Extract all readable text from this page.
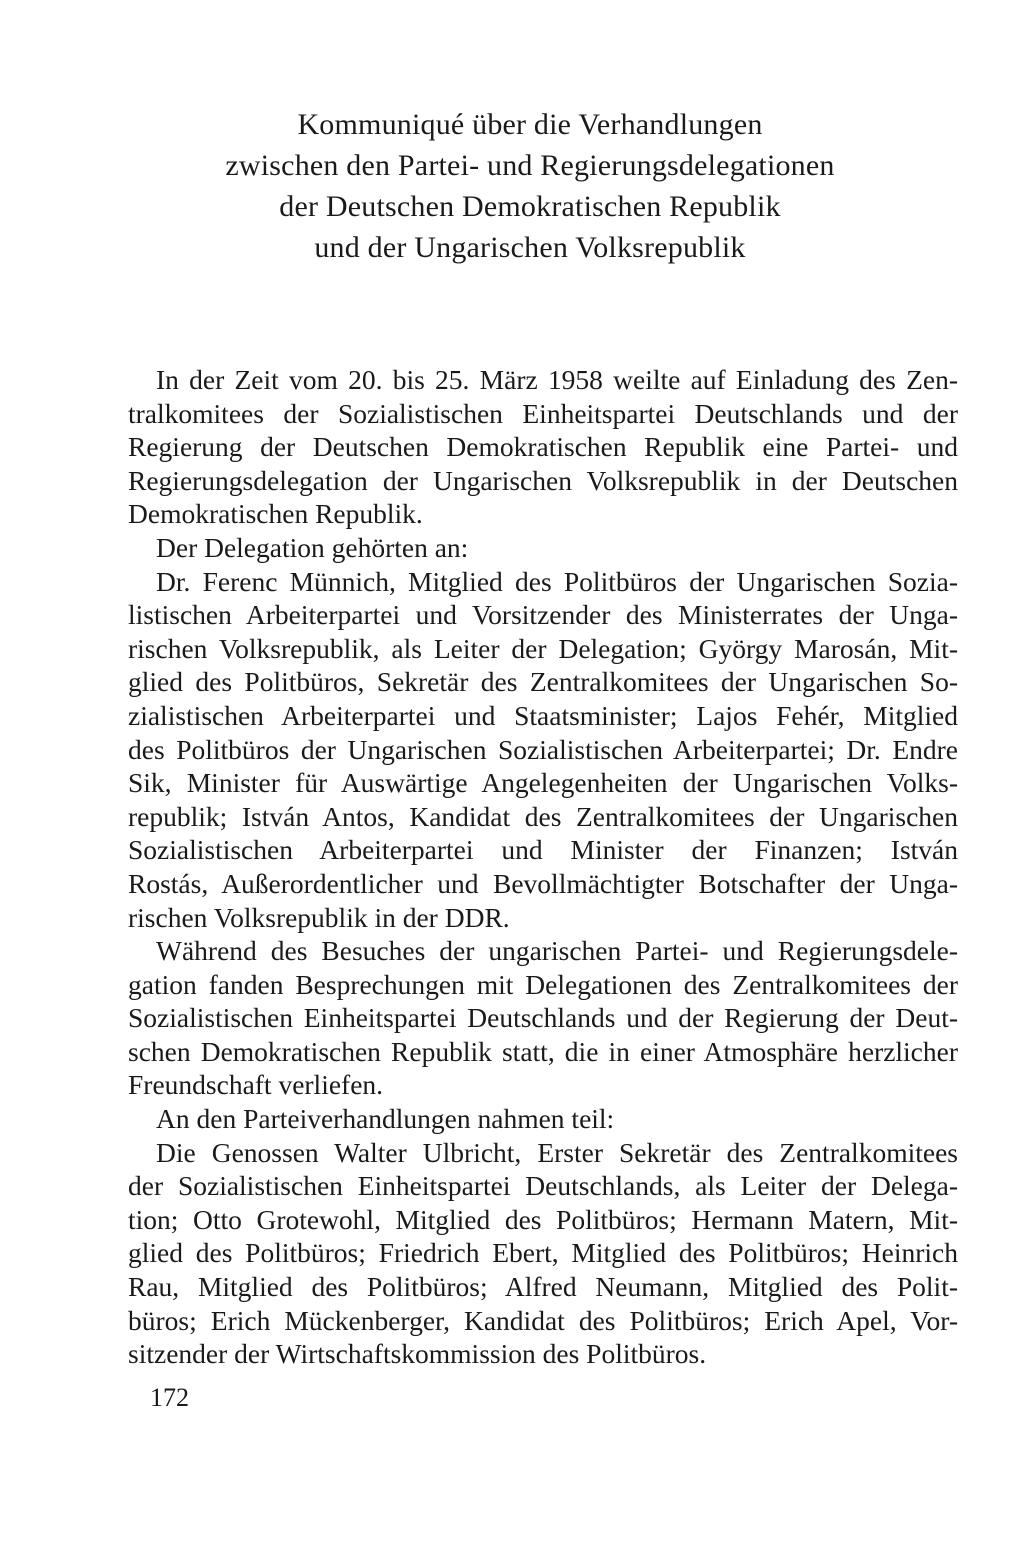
Kommuniqué über die Verhandlungen
zwischen den Partei- und Regierungsdelegationen
der Deutschen Demokratischen Republik
und der Ungarischen Volksrepublik

In der Zeit vom 20. bis 25. März 1958 weilte auf Einladung des Zen-
tralkomitees der Sozialistischen Einheitspartei Deutschlands und der
Regierung der Deutschen Demokratischen Republik eine Partei- und
Regierungsdelegation der Ungarischen Volksrepublik in der Deutschen
Demokratischen Republik.

Der Delegation gehörten an:

Dr. Ferenc Münnich, Mitglied des Politbüros der Ungarischen Sozia-
listischen Arbeiterpartei und Vorsitzender des Ministerrates der Unga-
rischen Volksrepublik, als Leiter der Delegation; György Marosán, Mit-
glied des Politbüros, Sekretär des Zentralkomitees der Ungarischen So-
zialistischen Arbeiterpartei und Staatsminister; Lajos Fehér, Mitglied
des Politbüros der Ungarischen Sozialistischen Arbeiterpartei; Dr. Endre
Sik, Minister für Auswärtige Angelegenheiten der Ungarischen Volks-
republik; István Antos, Kandidat des Zentralkomitees der Ungarischen
Sozialistischen Arbeiterpartei und Minister der Finanzen; István
Rostás, Außerordentlicher und Bevollmächtigter Botschafter der Unga-
rischen Volksrepublik in der DDR.

Während des Besuches der ungarischen Partei- und Regierungsdele-
gation fanden Besprechungen mit Delegationen des Zentralkomitees der
Sozialistischen Einheitspartei Deutschlands und der Regierung der Deut-
schen Demokratischen Republik statt, die in einer Atmosphäre herzlicher
Freundschaft verliefen.

An den Parteiverhandlungen nahmen teil:

Die Genossen Walter Ulbricht, Erster Sekretär des Zentralkomitees
der Sozialistischen Einheitspartei Deutschlands, als Leiter der Delega-
tion; Otto Grotewohl, Mitglied des Politbüros; Hermann Matern, Mit-
glied des Politbüros; Friedrich Ebert, Mitglied des Politbüros; Heinrich
Rau, Mitglied des Politbüros; Alfred Neumann, Mitglied des Polit-
büros; Erich Mückenberger, Kandidat des Politbüros; Erich Apel, Vor-
sitzender der Wirtschaftskommission des Politbüros.

172
